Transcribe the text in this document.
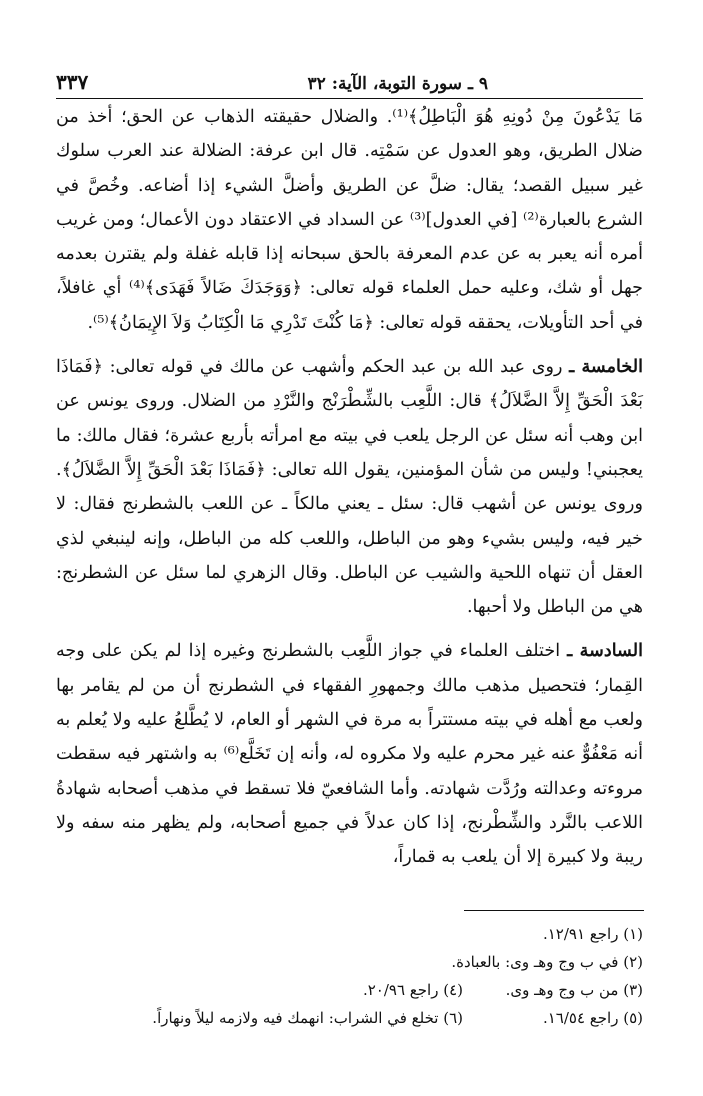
٩ ـ سورة التوبة، الآية: ٣٢
٣٣٧

مَا يَدْعُونَ مِنْ دُونِهِ هُوَ الْبَاطِلُ﴾⁽¹⁾. والضلال حقيقته الذهاب عن الحق؛ أخذ من ضلال الطريق، وهو العدول عن سَمْتِه. قال ابن عرفة: الضلالة عند العرب سلوك غير سبيل القصد؛ يقال: ضلَّ عن الطريق وأضلَّ الشيء إذا أضاعه. وخُصَّ في الشرع بالعبارة⁽²⁾ [في العدول]⁽³⁾ عن السداد في الاعتقاد دون الأعمال؛ ومن غريب أمره أنه يعبر به عن عدم المعرفة بالحق سبحانه إذا قابله غفلة ولم يقترن بعدمه جهل أو شك، وعليه حمل العلماء قوله تعالى: ﴿وَوَجَدَكَ ضَالاً فَهَدَى﴾⁽⁴⁾ أي غافلاً، في أحد التأويلات، يحققه قوله تعالى: ﴿مَا كُنْتَ تَدْرِي مَا الْكِتَابُ وَلاَ الإِيمَانُ﴾⁽⁵⁾.

الخامسة ـ روى عبد الله بن عبد الحكم وأشهب عن مالك في قوله تعالى: ﴿فَمَاذَا بَعْدَ الْحَقِّ إِلاَّ الضَّلاَلُ﴾ قال: اللَّعِب بالشِّطْرَنْج والنَّرْدِ من الضلال. وروى يونس عن ابن وهب أنه سئل عن الرجل يلعب في بيته مع امرأته بأربع عشرة؛ فقال مالك: ما يعجبني! وليس من شأن المؤمنين، يقول الله تعالى: ﴿فَمَاذَا بَعْدَ الْحَقِّ إِلاَّ الضَّلاَلُ﴾. وروى يونس عن أشهب قال: سئل ـ يعني مالكاً ـ عن اللعب بالشطرنج فقال: لا خير فيه، وليس بشيء وهو من الباطل، واللعب كله من الباطل، وإنه لينبغي لذي العقل أن تنهاه اللحية والشيب عن الباطل. وقال الزهري لما سئل عن الشطرنج: هي من الباطل ولا أحبها.

السادسة ـ اختلف العلماء في جواز اللَّعِب بالشطرنج وغيره إذا لم يكن على وجه القِمار؛ فتحصيل مذهب مالك وجمهورِ الفقهاء في الشطرنج أن من لم يقامر بها ولعب مع أهله في بيته مستتراً به مرة في الشهر أو العام، لا يُطَّلعُ عليه ولا يُعلم به أنه مَعْفُوٌّ عنه غير محرم عليه ولا مكروه له، وأنه إن تَخَلَّع⁽⁶⁾ به واشتهر فيه سقطت مروءته وعدالته ورُدَّت شهادته. وأما الشافعيّ فلا تسقط في مذهب أصحابه شهادةُ اللاعب بالنَّرد والشِّطْرنج، إذا كان عدلاً في جميع أصحابه، ولم يظهر منه سفه ولا ريبة ولا كبيرة إلا أن يلعب به قماراً،

(١) راجع ١٢/٩١.
(٢) في ب وج وهـ وى: بالعبادة.
(٣) من ب وج وهـ وى.
(٤) راجع ٢٠/٩٦.
(٥) راجع ١٦/٥٤.
(٦) تخلع في الشراب: انهمك فيه ولازمه ليلاً ونهاراً.
